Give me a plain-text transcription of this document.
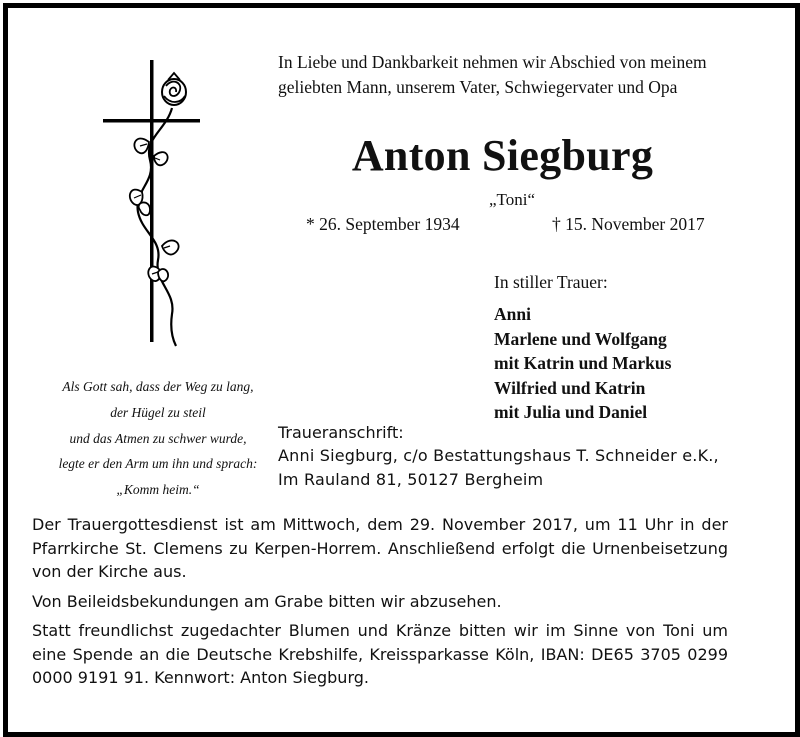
In Liebe und Dankbarkeit nehmen wir Abschied von meinem
geliebten Mann, unserem Vater, Schwiegervater und Opa
Anton Siegburg
„Toni“
* 26. September 1934	† 15. November 2017
In stiller Trauer:
Anni
Marlene und Wolfgang
mit Katrin und Markus
Wilfried und Katrin
mit Julia und Daniel
Als Gott sah, dass der Weg zu lang,
der Hügel zu steil
und das Atmen zu schwer wurde,
legte er den Arm um ihn und sprach:
„Komm heim.“
Traueranschrift:
Anni Siegburg, c/o Bestattungshaus T. Schneider e.K.,
Im Rauland 81, 50127 Bergheim
Der Trauergottesdienst ist am Mittwoch, dem 29. November 2017, um 11 Uhr in der Pfarrkirche St. Clemens zu Kerpen-Horrem. Anschließend erfolgt die Urnenbeisetzung von der Kirche aus.
Von Beileidsbekundungen am Grabe bitten wir abzusehen.
Statt freundlichst zugedachter Blumen und Kränze bitten wir im Sinne von Toni um eine Spende an die Deutsche Krebshilfe, Kreissparkasse Köln, IBAN: DE65 3705 0299 0000 9191 91. Kennwort: Anton Siegburg.
